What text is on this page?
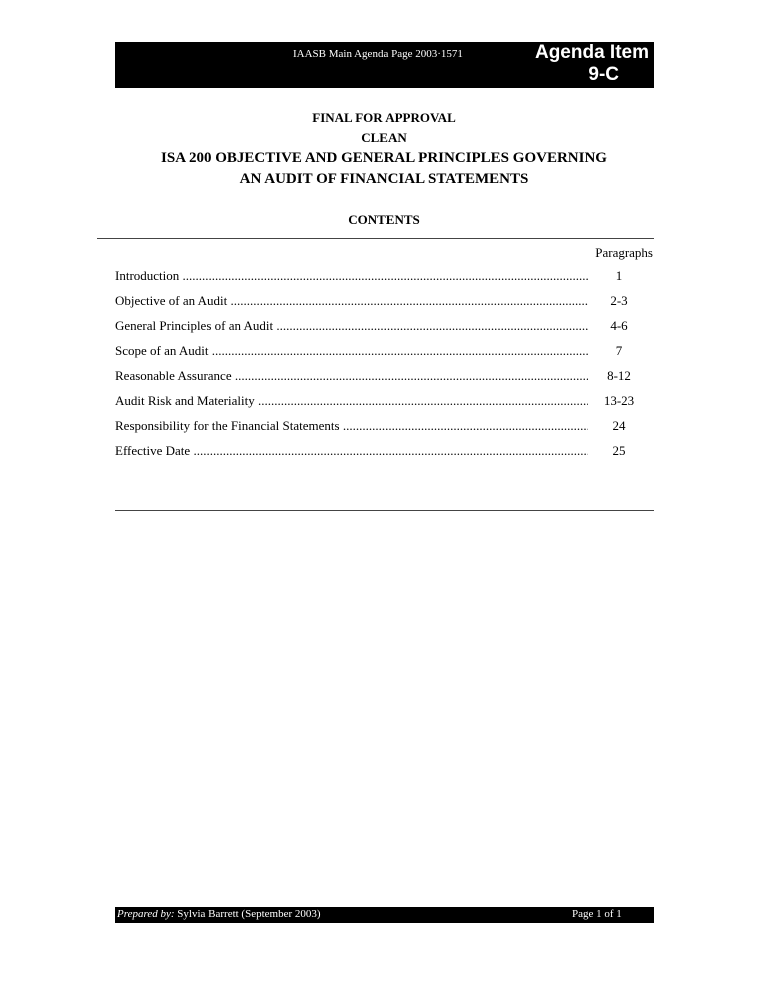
IAASB Main Agenda Page 2003·1571	Agenda Item
9-C
FINAL FOR APPROVAL
CLEAN
ISA 200 OBJECTIVE AND GENERAL PRINCIPLES GOVERNING
AN AUDIT OF FINANCIAL STATEMENTS
CONTENTS
Paragraphs
Introduction .....	1
Objective of an Audit .....	2-3
General Principles of an Audit .....	4-6
Scope of an Audit .....	7
Reasonable Assurance .....	8-12
Audit Risk and Materiality .....	13-23
Responsibility for the Financial Statements .....	24
Effective Date .....	25
Prepared by: Sylvia Barrett (September 2003)	Page 1 of 1
